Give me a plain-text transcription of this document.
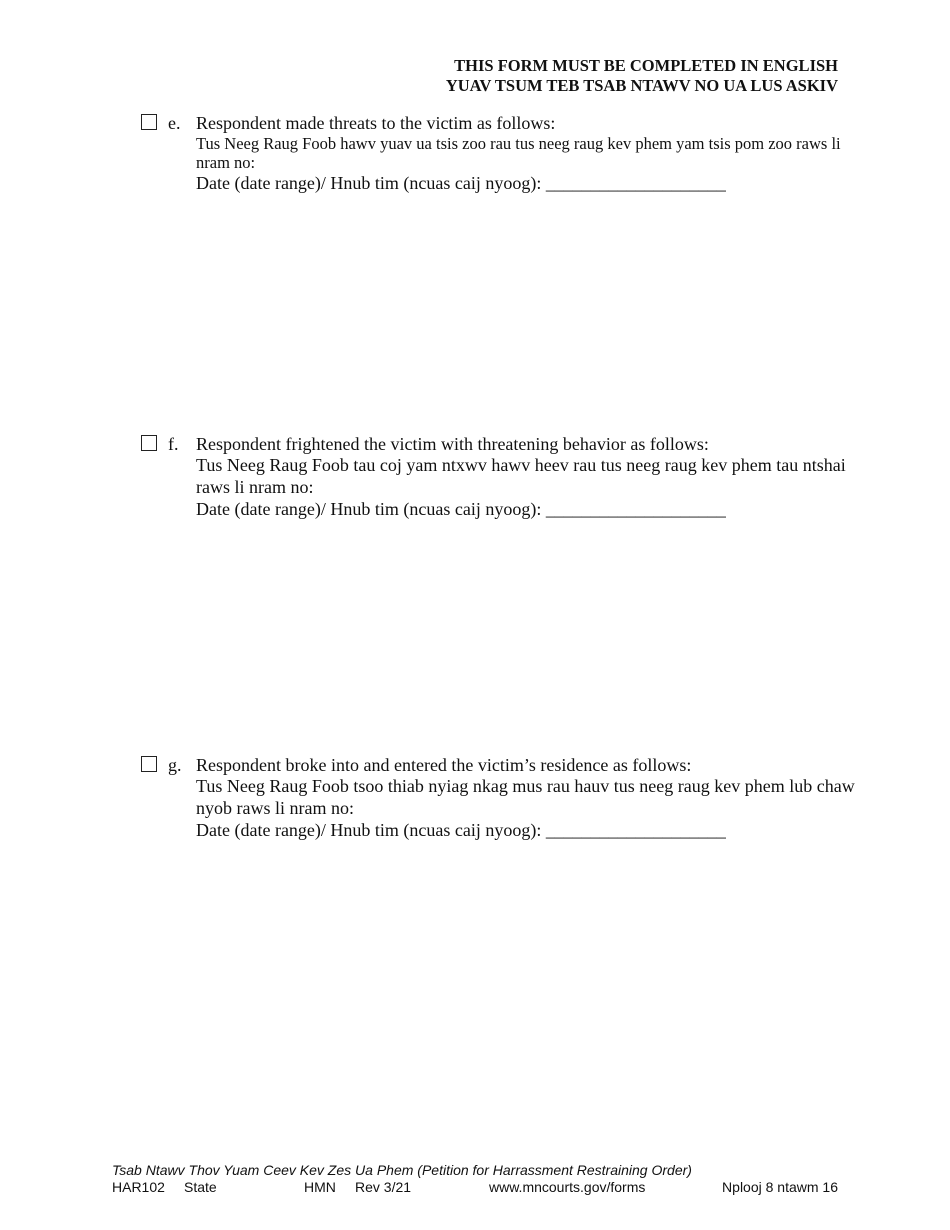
THIS FORM MUST BE COMPLETED IN ENGLISH
YUAV TSUM TEB TSAB NTAWV NO UA LUS ASKIV
e. Respondent made threats to the victim as follows:
Tus Neeg Raug Foob hawv yuav ua tsis zoo rau tus neeg raug kev phem yam tsis pom zoo raws li nram no:
Date (date range)/ Hnub tim (ncuas caij nyoog): ____________________
f. Respondent frightened the victim with threatening behavior as follows:
Tus Neeg Raug Foob tau coj yam ntxwv hawv heev rau tus neeg raug kev phem tau ntshai raws li nram no:
Date (date range)/ Hnub tim (ncuas caij nyoog): ____________________
g. Respondent broke into and entered the victim’s residence as follows:
Tus Neeg Raug Foob tsoo thiab nyiag nkag mus rau hauv tus neeg raug kev phem lub chaw nyob raws li nram no:
Date (date range)/ Hnub tim (ncuas caij nyoog): ____________________
Tsab Ntawv Thov Yuam Ceev Kev Zes Ua Phem (Petition for Harrassment Restraining Order)
HAR102 State	HMN Rev 3/21	www.mncourts.gov/forms	Nplooj 8 ntawm 16
